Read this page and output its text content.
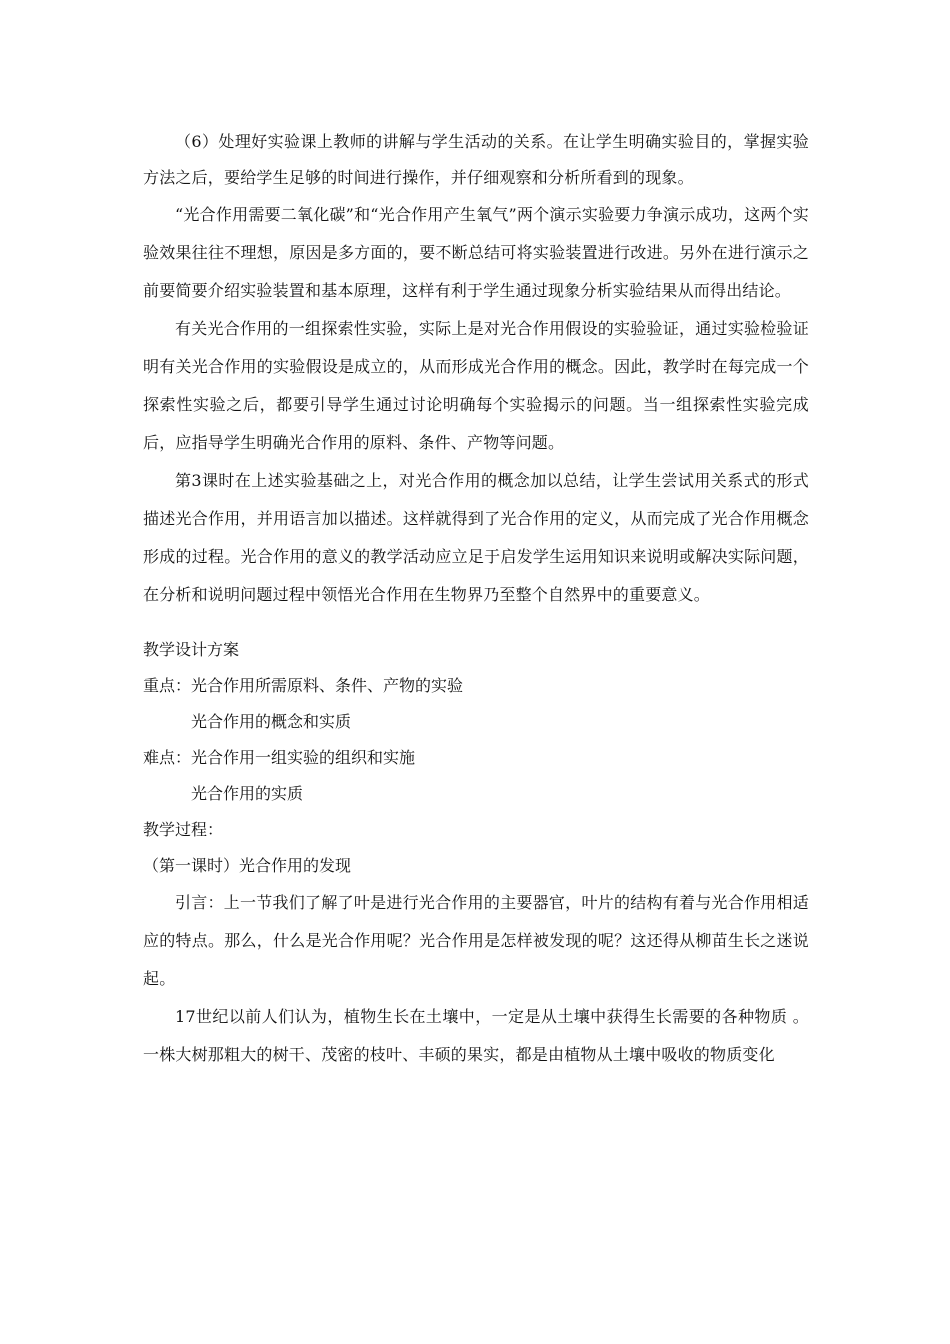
（6）处理好实验课上教师的讲解与学生活动的关系。在让学生明确实验目的，掌握实验方法之后，要给学生足够的时间进行操作，并仔细观察和分析所看到的现象。

“光合作用需要二氧化碳”和“光合作用产生氧气”两个演示实验要力争演示成功，这两个实验效果往往不理想，原因是多方面的，要不断总结可将实验装置进行改进。另外在进行演示之前要简要介绍实验装置和基本原理，这样有利于学生通过现象分析实验结果从而得出结论。

有关光合作用的一组探索性实验，实际上是对光合作用假设的实验验证，通过实验检验证明有关光合作用的实验假设是成立的，从而形成光合作用的概念。因此，教学时在每完成一个探索性实验之后，都要引导学生通过讨论明确每个实验揭示的问题。当一组探索性实验完成后，应指导学生明确光合作用的原料、条件、产物等问题。

第3课时在上述实验基础之上，对光合作用的概念加以总结，让学生尝试用关系式的形式描述光合作用，并用语言加以描述。这样就得到了光合作用的定义，从而完成了光合作用概念形成的过程。光合作用的意义的教学活动应立足于启发学生运用知识来说明或解决实际问题，在分析和说明问题过程中领悟光合作用在生物界乃至整个自然界中的重要意义。

教学设计方案

重点：光合作用所需原料、条件、产物的实验

光合作用的概念和实质

难点：光合作用一组实验的组织和实施

光合作用的实质

教学过程：

（第一课时）光合作用的发现

引言：上一节我们了解了叶是进行光合作用的主要器官，叶片的结构有着与光合作用相适应的特点。那么，什么是光合作用呢？光合作用是怎样被发现的呢？这还得从柳苗生长之迷说起。

17世纪以前人们认为，植物生长在土壤中，一定是从土壤中获得生长需要的各种物质 。一株大树那粗大的树干、茂密的枝叶、丰硕的果实，都是由植物从土壤中吸收的物质变化
